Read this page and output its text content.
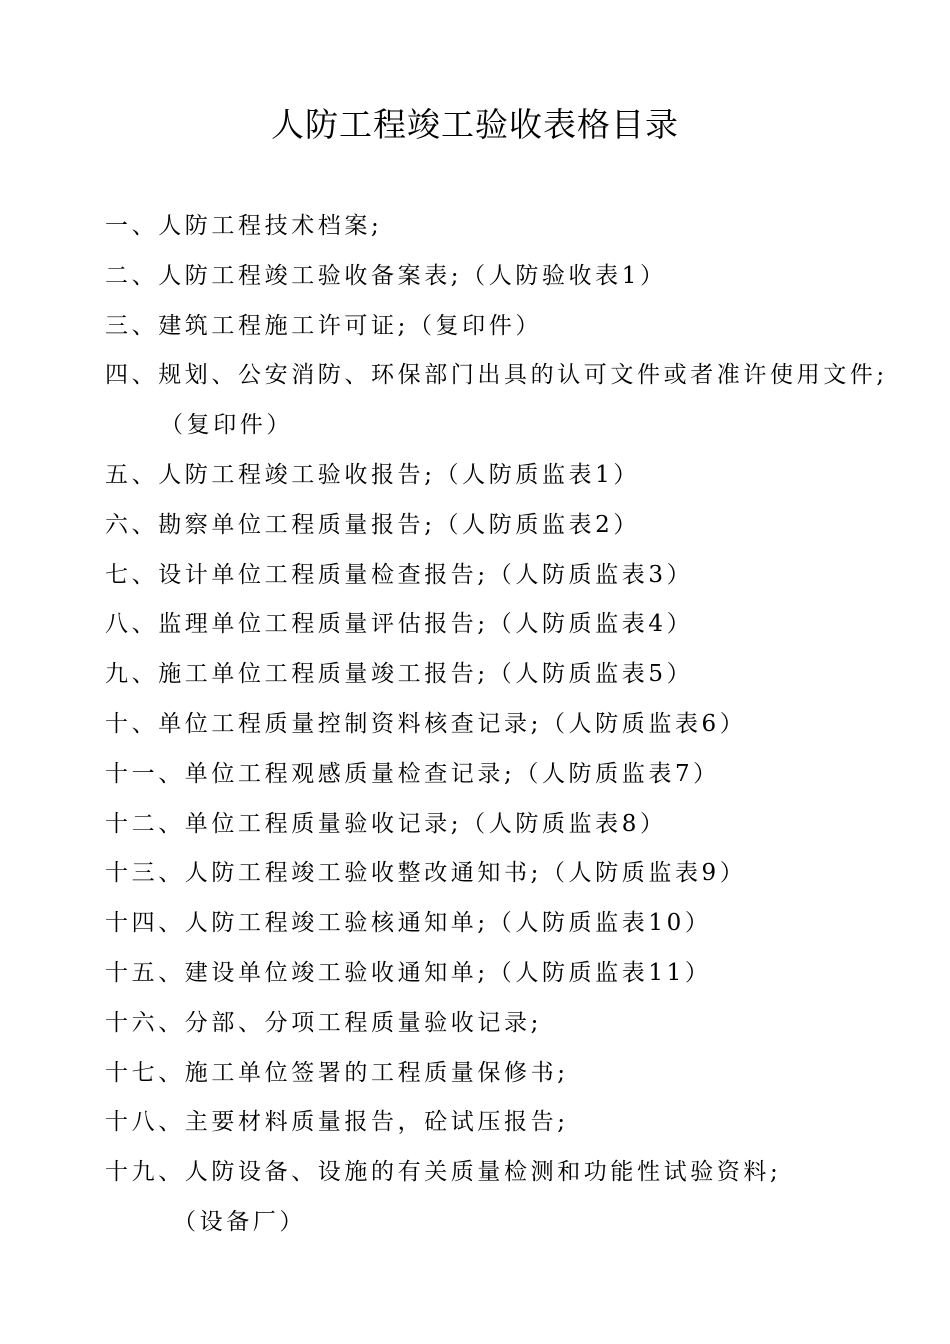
人防工程竣工验收表格目录
一、人防工程技术档案;
二、人防工程竣工验收备案表;（人防验收表1）
三、建筑工程施工许可证;（复印件）
四、规划、公安消防、环保部门出具的认可文件或者准许使用文件;
（复印件）
五、人防工程竣工验收报告;（人防质监表1）
六、勘察单位工程质量报告;（人防质监表2）
七、设计单位工程质量检查报告;（人防质监表3）
八、监理单位工程质量评估报告;（人防质监表4）
九、施工单位工程质量竣工报告;（人防质监表5）
十、单位工程质量控制资料核查记录;（人防质监表6）
十一、单位工程观感质量检查记录;（人防质监表7）
十二、单位工程质量验收记录;（人防质监表8）
十三、人防工程竣工验收整改通知书;（人防质监表9）
十四、人防工程竣工验核通知单;（人防质监表10）
十五、建设单位竣工验收通知单;（人防质监表11）
十六、分部、分项工程质量验收记录;
十七、施工单位签署的工程质量保修书;
十八、主要材料质量报告，砼试压报告;
十九、人防设备、设施的有关质量检测和功能性试验资料;
（设备厂）
